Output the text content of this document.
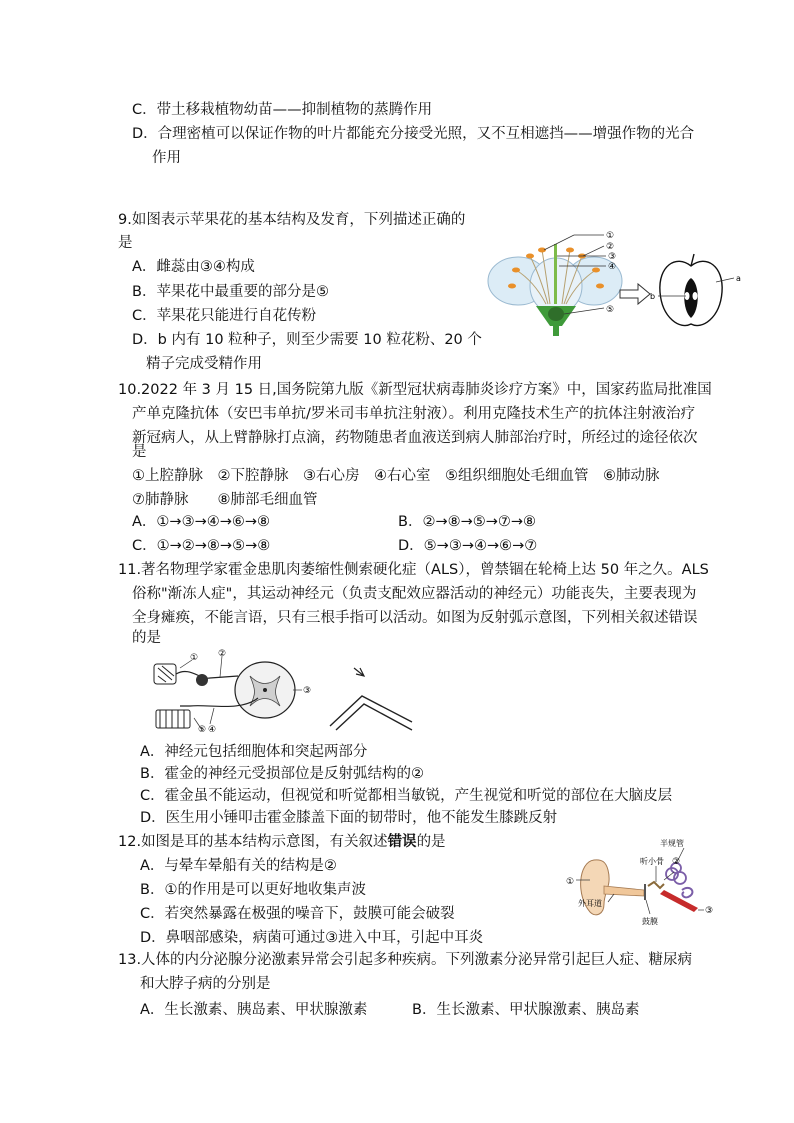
C．带土移栽植物幼苗——抑制植物的蒸腾作用
D．合理密植可以保证作物的叶片都能充分接受光照，又不互相遮挡——增强作物的光合
作用
9.如图表示苹果花的基本结构及发育，下列描述正确的
是
A．雌蕊由③④构成
B．苹果花中最重要的部分是⑤
C．苹果花只能进行自花传粉
D．b 内有 10 粒种子，则至少需要 10 粒花粉、20 个
精子完成受精作用
①
②
③
④
⑤
a
b
10.2022 年 3 月 15 日,国务院第九版《新型冠状病毒肺炎诊疗方案》中，国家药监局批准国
产单克隆抗体（安巴韦单抗/罗米司韦单抗注射液）。利用克隆技术生产的抗体注射液治疗
新冠病人，从上臂静脉打点滴，药物随患者血液送到病人肺部治疗时，所经过的途径依次
是
①上腔静脉　②下腔静脉　③右心房　④右心室　⑤组织细胞处毛细血管　⑥肺动脉
⑦肺静脉　　⑧肺部毛细血管
A．①→③→④→⑥→⑧	B．②→⑧→⑤→⑦→⑧
C．①→②→⑧→⑤→⑧	D．⑤→③→④→⑥→⑦
11.著名物理学家霍金患肌肉萎缩性侧索硬化症（ALS），曾禁锢在轮椅上达 50 年之久。ALS
俗称"渐冻人症"，其运动神经元（负责支配效应器活动的神经元）功能丧失，主要表现为
全身瘫痪，不能言语，只有三根手指可以活动。如图为反射弧示意图，下列相关叙述错误
的是
① ②
③
④
⑤
A．神经元包括细胞体和突起两部分
B．霍金的神经元受损部位是反射弧结构的②
C．霍金虽不能运动，但视觉和听觉都相当敏锐，产生视觉和听觉的部位在大脑皮层
D．医生用小锤叩击霍金膝盖下面的韧带时，他不能发生膝跳反射
12.如图是耳的基本结构示意图，有关叙述错误的是
A．与晕车晕船有关的结构是②
B．①的作用是可以更好地收集声波
C．若突然暴露在极强的噪音下，鼓膜可能会破裂
D．鼻咽部感染，病菌可通过③进入中耳，引起中耳炎
①
半规管
听小骨 ②
外耳道
鼓膜
③
13.人体的内分泌腺分泌激素异常会引起多种疾病。下列激素分泌异常引起巨人症、糖尿病
和大脖子病的分别是
A．生长激素、胰岛素、甲状腺激素	B．生长激素、甲状腺激素、胰岛素
